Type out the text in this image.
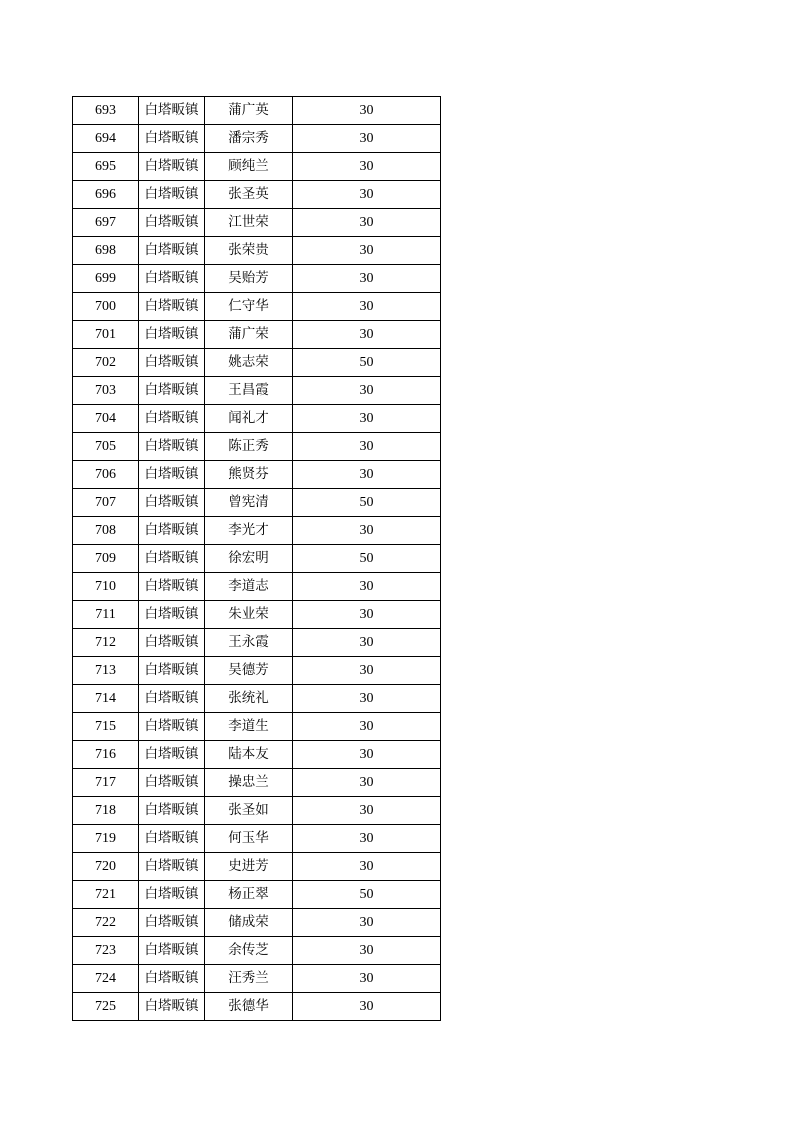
693	白塔畈镇	蒲广英	30
694	白塔畈镇	潘宗秀	30
695	白塔畈镇	顾纯兰	30
696	白塔畈镇	张圣英	30
697	白塔畈镇	江世荣	30
698	白塔畈镇	张荣贵	30
699	白塔畈镇	吴贻芳	30
700	白塔畈镇	仁守华	30
701	白塔畈镇	蒲广荣	30
702	白塔畈镇	姚志荣	50
703	白塔畈镇	王昌霞	30
704	白塔畈镇	闻礼才	30
705	白塔畈镇	陈正秀	30
706	白塔畈镇	熊贤芬	30
707	白塔畈镇	曾宪清	50
708	白塔畈镇	李光才	30
709	白塔畈镇	徐宏明	50
710	白塔畈镇	李道志	30
711	白塔畈镇	朱业荣	30
712	白塔畈镇	王永霞	30
713	白塔畈镇	吴德芳	30
714	白塔畈镇	张统礼	30
715	白塔畈镇	李道生	30
716	白塔畈镇	陆本友	30
717	白塔畈镇	操忠兰	30
718	白塔畈镇	张圣如	30
719	白塔畈镇	何玉华	30
720	白塔畈镇	史进芳	30
721	白塔畈镇	杨正翠	50
722	白塔畈镇	储成荣	30
723	白塔畈镇	余传芝	30
724	白塔畈镇	汪秀兰	30
725	白塔畈镇	张德华	30
